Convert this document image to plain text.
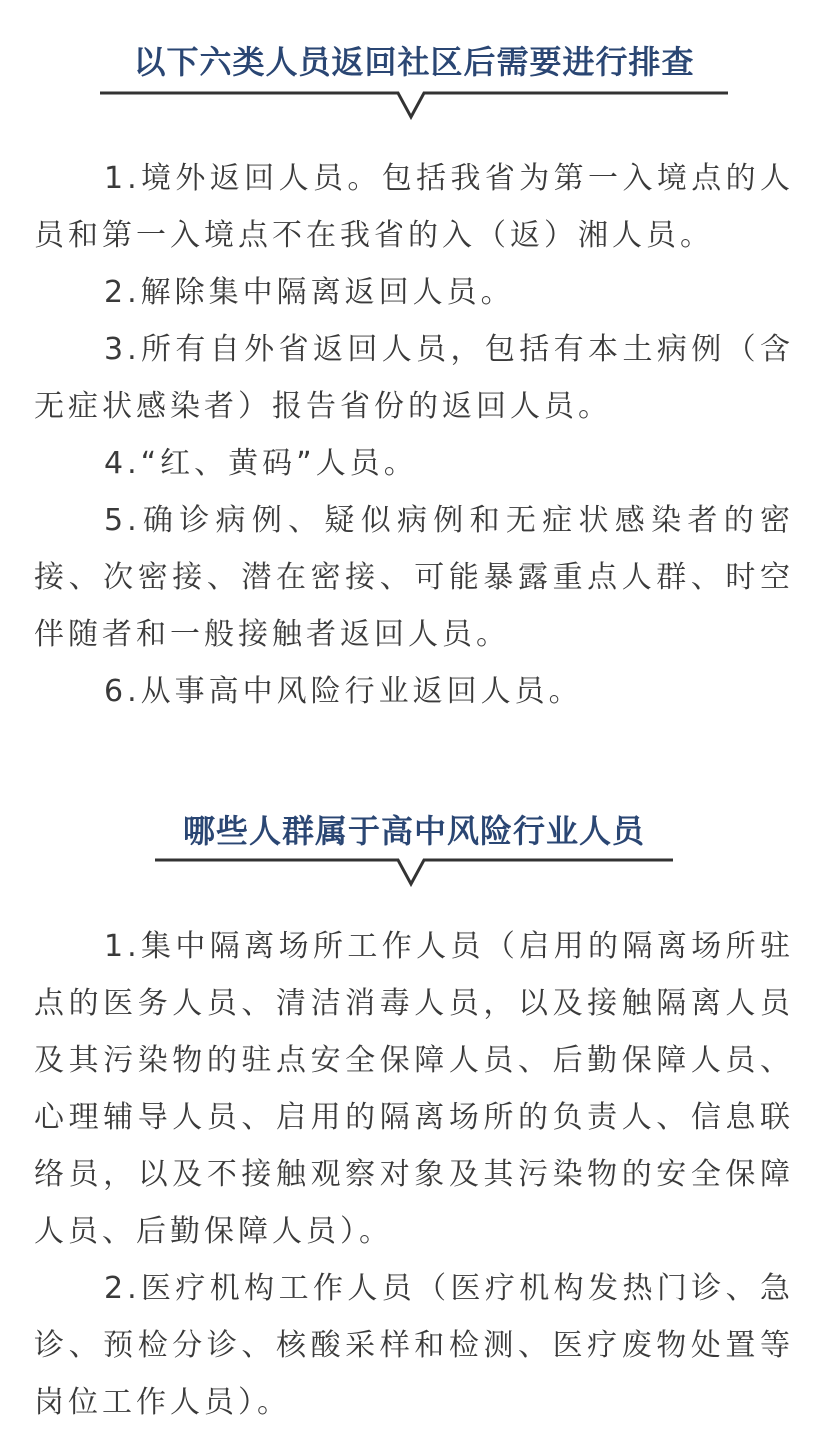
以下六类人员返回社区后需要进行排查

1.境外返回人员。包括我省为第一入境点的人员和第一入境点不在我省的入（返）湘人员。

2.解除集中隔离返回人员。

3.所有自外省返回人员，包括有本土病例（含无症状感染者）报告省份的返回人员。

4.“红、黄码”人员。

5.确诊病例、疑似病例和无症状感染者的密接、次密接、潜在密接、可能暴露重点人群、时空伴随者和一般接触者返回人员。

6.从事高中风险行业返回人员。

哪些人群属于高中风险行业人员

1.集中隔离场所工作人员（启用的隔离场所驻点的医务人员、清洁消毒人员，以及接触隔离人员及其污染物的驻点安全保障人员、后勤保障人员、心理辅导人员、启用的隔离场所的负责人、信息联络员，以及不接触观察对象及其污染物的安全保障人员、后勤保障人员）。

2.医疗机构工作人员（医疗机构发热门诊、急诊、预检分诊、核酸采样和检测、医疗废物处置等岗位工作人员）。
